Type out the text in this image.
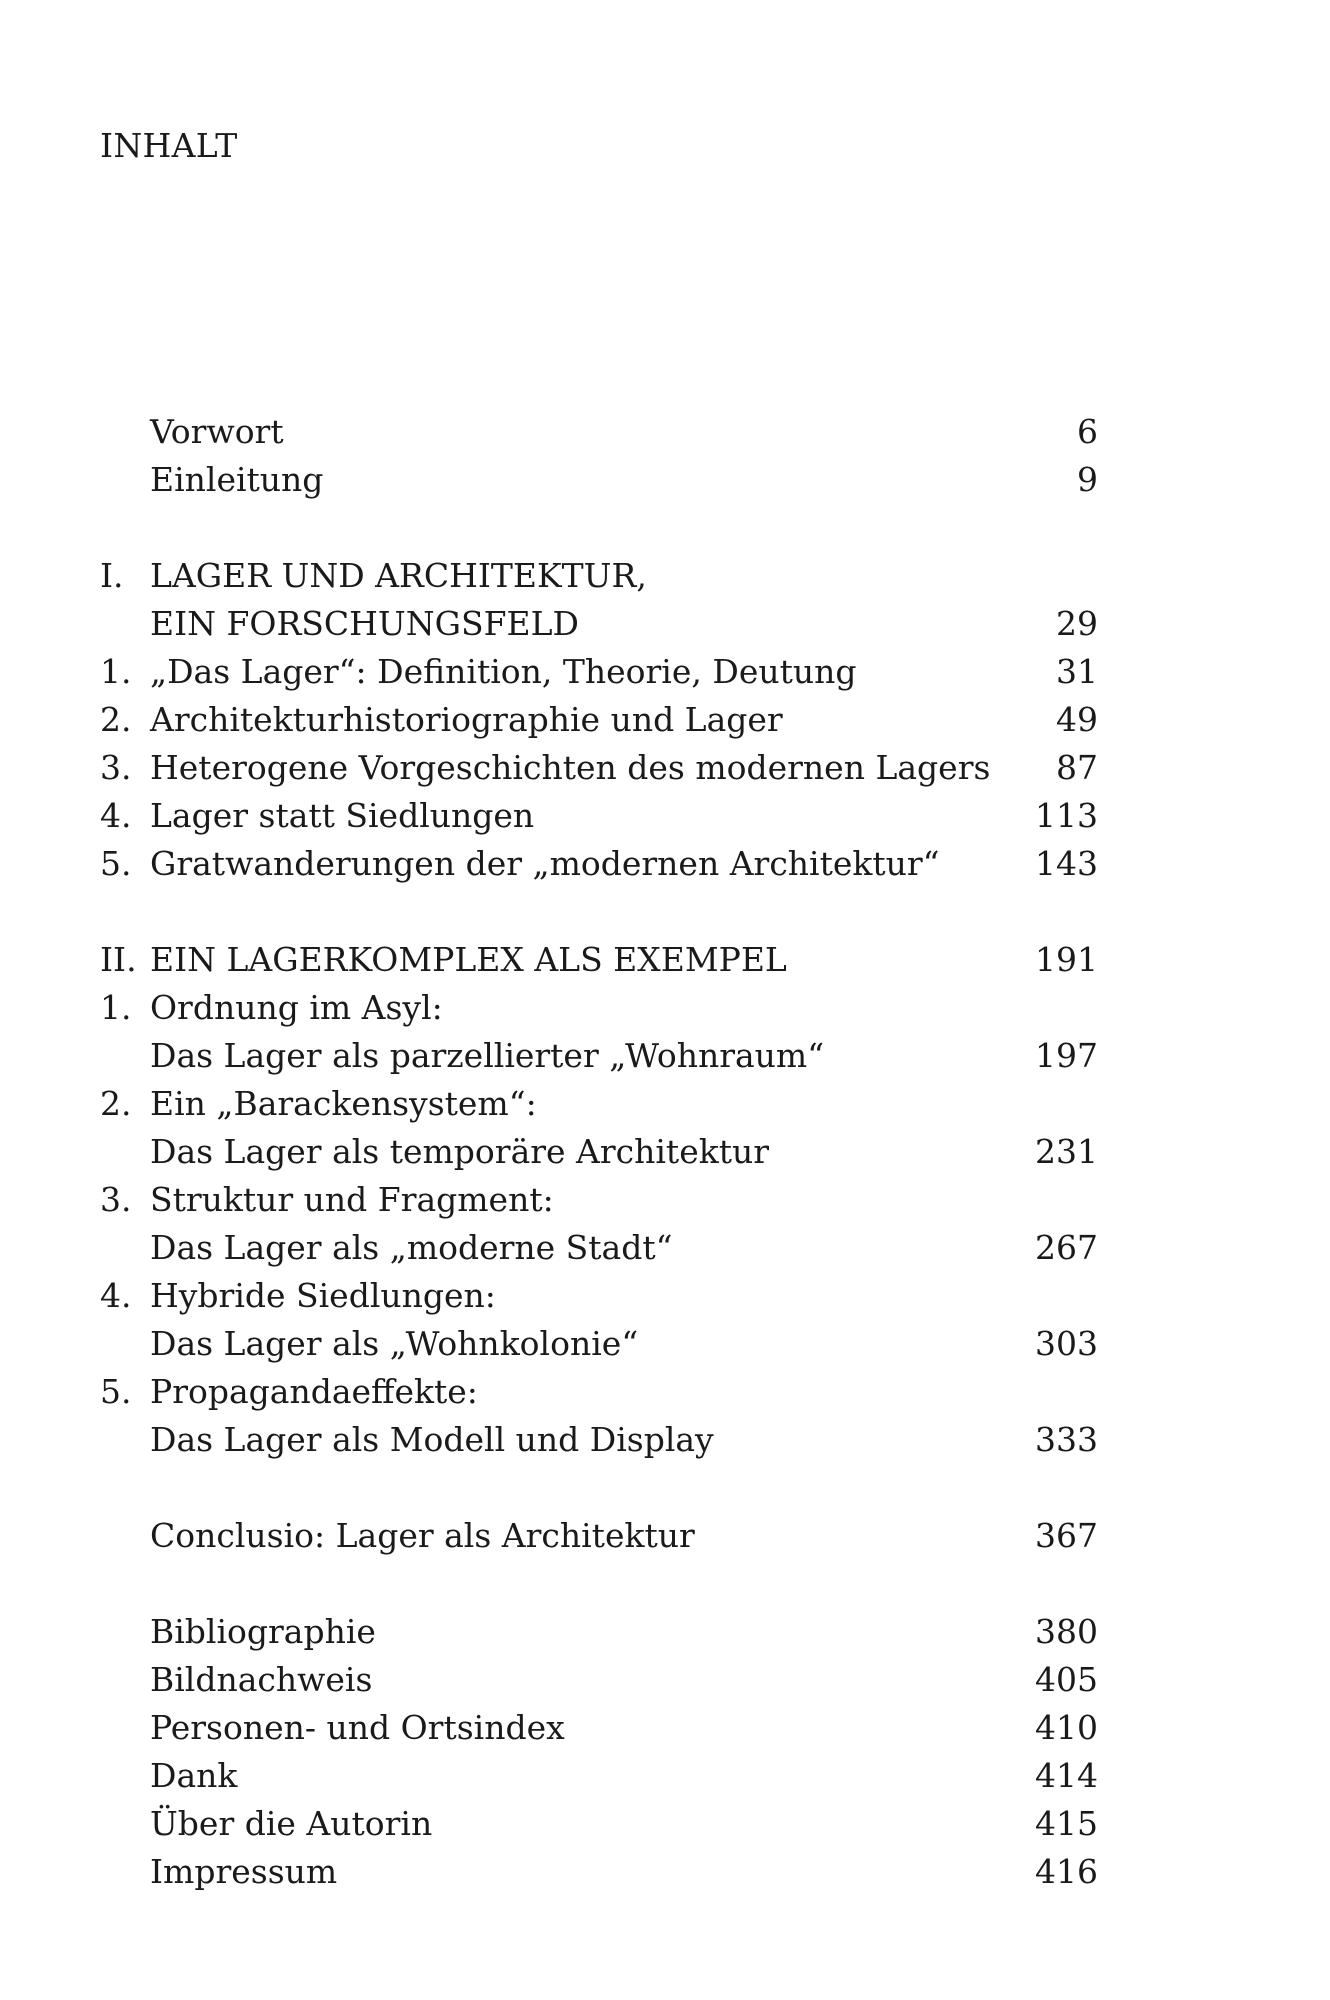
INHALT
Vorwort	6
Einleitung	9
I. LAGER UND ARCHITEKTUR,
EIN FORSCHUNGSFELD	29
1. „Das Lager“: Definition, Theorie, Deutung	31
2. Architekturhistoriographie und Lager	49
3. Heterogene Vorgeschichten des modernen Lagers	87
4. Lager statt Siedlungen	113
5. Gratwanderungen der „modernen Architektur“	143
II. EIN LAGERKOMPLEX ALS EXEMPEL	191
1. Ordnung im Asyl:
Das Lager als parzellierter „Wohnraum“	197
2. Ein „Barackensystem“:
Das Lager als temporäre Architektur	231
3. Struktur und Fragment:
Das Lager als „moderne Stadt“	267
4. Hybride Siedlungen:
Das Lager als „Wohnkolonie“	303
5. Propagandaeffekte:
Das Lager als Modell und Display	333
Conclusio: Lager als Architektur	367
Bibliographie	380
Bildnachweis	405
Personen- und Ortsindex	410
Dank	414
Über die Autorin	415
Impressum	416
